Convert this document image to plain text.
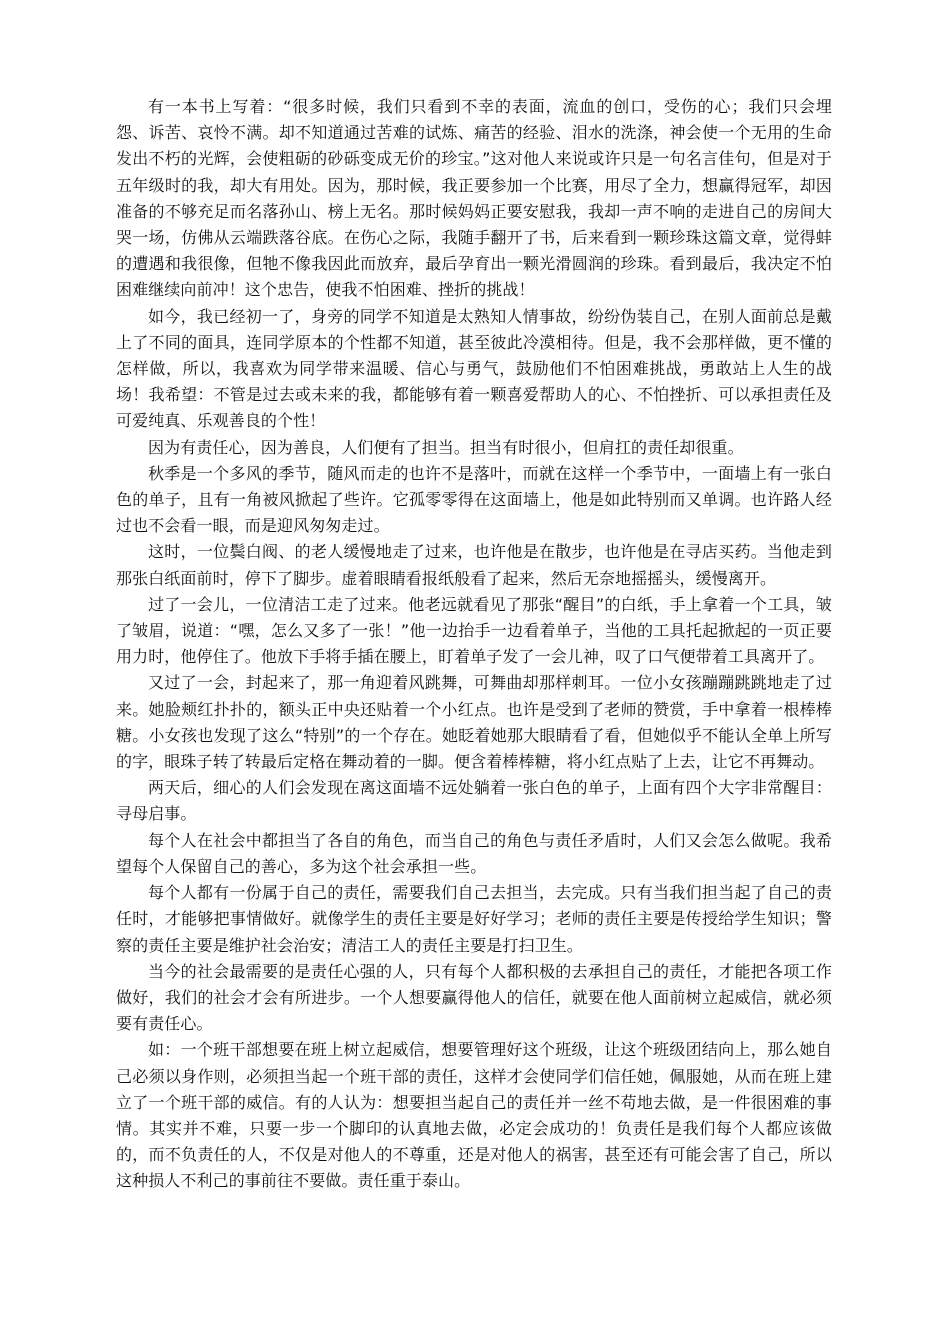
有一本书上写着：“很多时候，我们只看到不幸的表面，流血的创口，受伤的心；我们只会埋怨、诉苦、哀怜不满。却不知道通过苦难的试炼、痛苦的经验、泪水的洗涤，神会使一个无用的生命发出不朽的光辉，会使粗砺的砂砾变成无价的珍宝。”这对他人来说或许只是一句名言佳句，但是对于五年级时的我，却大有用处。因为，那时候，我正要参加一个比赛，用尽了全力，想赢得冠军，却因准备的不够充足而名落孙山、榜上无名。那时候妈妈正要安慰我，我却一声不响的走进自己的房间大哭一场，仿佛从云端跌落谷底。在伤心之际，我随手翻开了书，后来看到一颗珍珠这篇文章，觉得蚌的遭遇和我很像，但牠不像我因此而放弃，最后孕育出一颗光滑圆润的珍珠。看到最后，我决定不怕困难继续向前冲！这个忠告，使我不怕困难、挫折的挑战！

如今，我已经初一了，身旁的同学不知道是太熟知人情事故，纷纷伪装自己，在别人面前总是戴上了不同的面具，连同学原本的个性都不知道，甚至彼此冷漠相待。但是，我不会那样做，更不懂的怎样做，所以，我喜欢为同学带来温暖、信心与勇气，鼓励他们不怕困难挑战，勇敢站上人生的战场！我希望：不管是过去或未来的我，都能够有着一颗喜爱帮助人的心、不怕挫折、可以承担责任及可爱纯真、乐观善良的个性！

因为有责任心，因为善良，人们便有了担当。担当有时很小，但肩扛的责任却很重。

秋季是一个多风的季节，随风而走的也许不是落叶，而就在这样一个季节中，一面墙上有一张白色的单子，且有一角被风掀起了些许。它孤零零得在这面墙上，他是如此特别而又单调。也许路人经过也不会看一眼，而是迎风匆匆走过。

这时，一位鬓白阀、的老人缓慢地走了过来，也许他是在散步，也许他是在寻店买药。当他走到那张白纸面前时，停下了脚步。虚着眼睛看报纸般看了起来，然后无奈地摇摇头，缓慢离开。

过了一会儿，一位清洁工走了过来。他老远就看见了那张“醒目”的白纸，手上拿着一个工具，皱了皱眉，说道：“嘿，怎么又多了一张！”他一边抬手一边看着单子，当他的工具托起掀起的一页正要用力时，他停住了。他放下手将手插在腰上，盯着单子发了一会儿神，叹了口气便带着工具离开了。

又过了一会，封起来了，那一角迎着风跳舞，可舞曲却那样刺耳。一位小女孩蹦蹦跳跳地走了过来。她脸颊红扑扑的，额头正中央还贴着一个小红点。也许是受到了老师的赞赏，手中拿着一根棒棒糖。小女孩也发现了这么“特别”的一个存在。她眨着她那大眼睛看了看，但她似乎不能认全单上所写的字，眼珠子转了转最后定格在舞动着的一脚。便含着棒棒糖，将小红点贴了上去，让它不再舞动。

两天后，细心的人们会发现在离这面墙不远处躺着一张白色的单子，上面有四个大字非常醒目：寻母启事。

每个人在社会中都担当了各自的角色，而当自己的角色与责任矛盾时，人们又会怎么做呢。我希望每个人保留自己的善心，多为这个社会承担一些。

每个人都有一份属于自己的责任，需要我们自己去担当，去完成。只有当我们担当起了自己的责任时，才能够把事情做好。就像学生的责任主要是好好学习；老师的责任主要是传授给学生知识；警察的责任主要是维护社会治安；清洁工人的责任主要是打扫卫生。

当今的社会最需要的是责任心强的人，只有每个人都积极的去承担自己的责任，才能把各项工作做好，我们的社会才会有所进步。一个人想要赢得他人的信任，就要在他人面前树立起威信，就必须要有责任心。

如：一个班干部想要在班上树立起威信，想要管理好这个班级，让这个班级团结向上，那么她自己必须以身作则，必须担当起一个班干部的责任，这样才会使同学们信任她，佩服她，从而在班上建立了一个班干部的威信。有的人认为：想要担当起自己的责任并一丝不苟地去做，是一件很困难的事情。其实并不难，只要一步一个脚印的认真地去做，必定会成功的！负责任是我们每个人都应该做的，而不负责任的人，不仅是对他人的不尊重，还是对他人的祸害，甚至还有可能会害了自己，所以这种损人不利己的事前往不要做。责任重于泰山。
